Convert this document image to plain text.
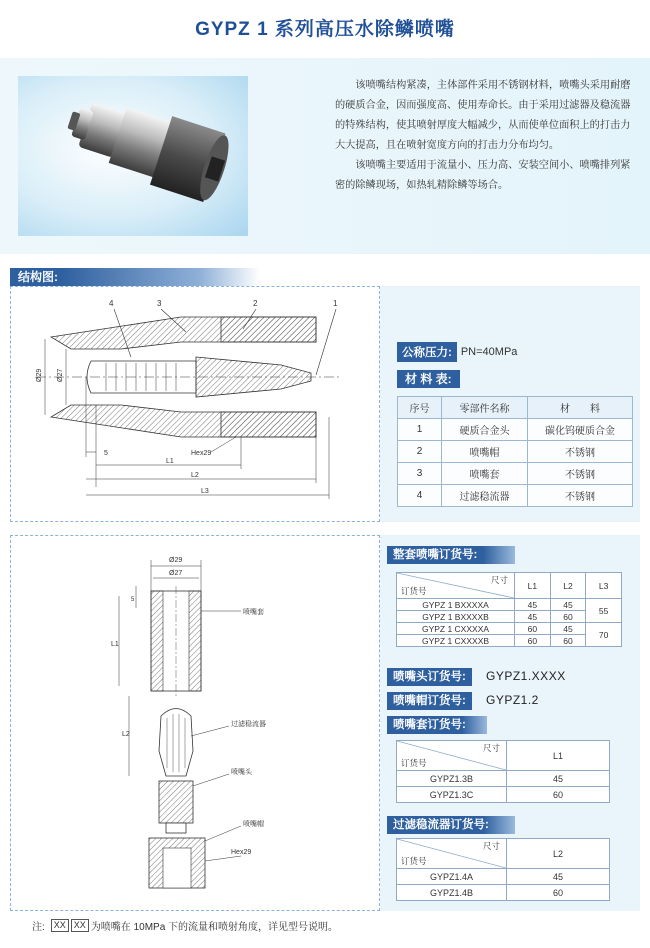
GYPZ 1 系列高压水除鳞喷嘴

该喷嘴结构紧凑，主体部件采用不锈钢材料，喷嘴头采用耐磨的硬质合金，因而强度高、使用寿命长。由于采用过滤器及稳流器的特殊结构，使其喷射厚度大幅减少，从而使单位面积上的打击力大大提高，且在喷射宽度方向的打击力分布均匀。

该喷嘴主要适用于流量小、压力高、安装空间小、喷嘴排列紧密的除鳞现场，如热轧精除鳞等场合。

结构图:
4	3	2	1
Ø29 Ø27
5	Hex29
L1
L2
L3
公称压力: PN=40MPa
材 料 表:
序号	零部件名称	材　　料
1	硬质合金头	碳化钨硬质合金
2	喷嘴帽	不锈钢
3	喷嘴套	不锈钢
4	过滤稳流器	不锈钢
Ø29
Ø27
5
L1
喷嘴套
L2
过滤稳流器
喷嘴头
喷嘴帽
Hex29
整套喷嘴订货号:
尺寸
订货号	L1	L2	L3
GYPZ 1 BXXXXA	45	45	55
GYPZ 1 BXXXXB	45	60	
GYPZ 1 CXXXXA	60	45	70
GYPZ 1 CXXXXB	60	60	
喷嘴头订货号:	GYPZ1.XXXX
喷嘴帽订货号:	GYPZ1.2
喷嘴套订货号:
尺寸
订货号	L1
GYPZ1.3B	45
GYPZ1.3C	60
过滤稳流器订货号:
尺寸
订货号	L2
GYPZ1.4A	45
GYPZ1.4B	60
注:	XX XX 为喷嘴在 10MPa 下的流量和喷射角度，详见型号说明。
